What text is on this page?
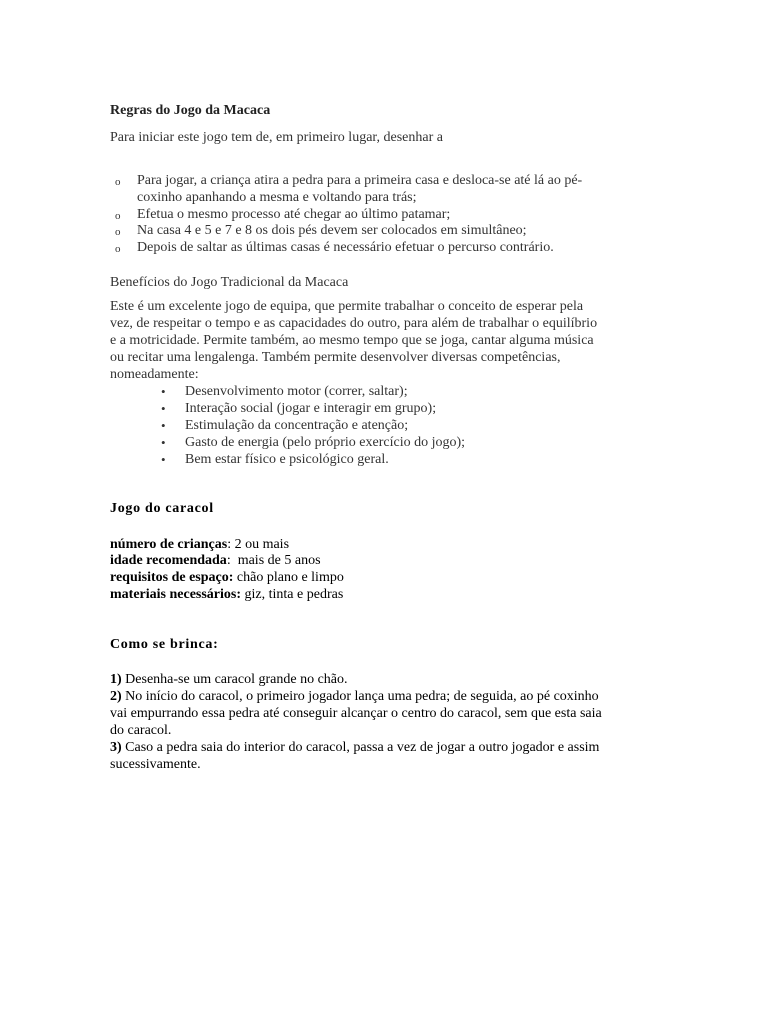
Regras do Jogo da Macaca
Para iniciar este jogo tem de, em primeiro lugar, desenhar a
o Para jogar, a criança atira a pedra para a primeira casa e desloca-se até lá ao pé-
coxinho apanhando a mesma e voltando para trás;
o Efetua o mesmo processo até chegar ao último patamar;
o Na casa 4 e 5 e 7 e 8 os dois pés devem ser colocados em simultâneo;
o Depois de saltar as últimas casas é necessário efetuar o percurso contrário.
Benefícios do Jogo Tradicional da Macaca
Este é um excelente jogo de equipa, que permite trabalhar o conceito de esperar pela
vez, de respeitar o tempo e as capacidades do outro, para além de trabalhar o equilíbrio
e a motricidade. Permite também, ao mesmo tempo que se joga, cantar alguma música
ou recitar uma lengalenga. Também permite desenvolver diversas competências,
nomeadamente:
• Desenvolvimento motor (correr, saltar);
• Interação social (jogar e interagir em grupo);
• Estimulação da concentração e atenção;
• Gasto de energia (pelo próprio exercício do jogo);
• Bem estar físico e psicológico geral.
Jogo do caracol
número de crianças: 2 ou mais
idade recomendada:  mais de 5 anos
requisitos de espaço: chão plano e limpo
materiais necessários: giz, tinta e pedras
Como se brinca:
1) Desenha-se um caracol grande no chão.
2) No início do caracol, o primeiro jogador lança uma pedra; de seguida, ao pé coxinho
vai empurrando essa pedra até conseguir alcançar o centro do caracol, sem que esta saia
do caracol.
3) Caso a pedra saia do interior do caracol, passa a vez de jogar a outro jogador e assim
sucessivamente.
